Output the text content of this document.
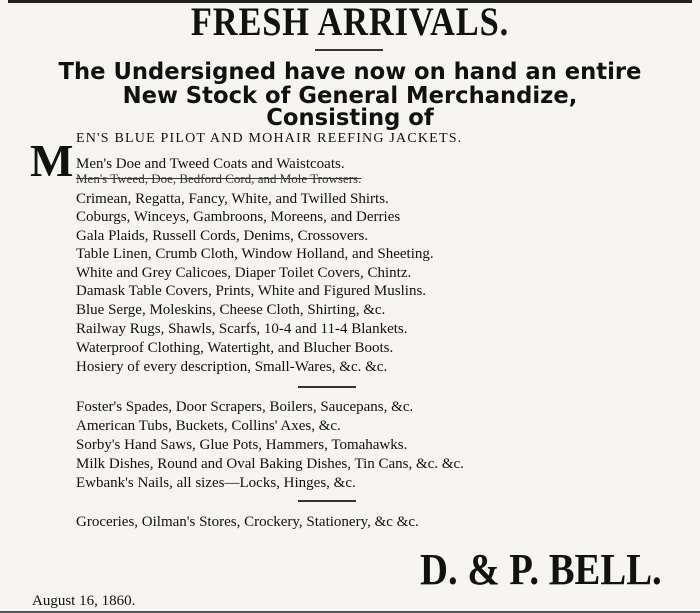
FRESH ARRIVALS.
The Undersigned have now on hand an entire
New Stock of General Merchandize,
Consisting of
M EN'S BLUE PILOT AND MOHAIR REEFING JACKETS.
Men's Doe and Tweed Coats and Waistcoats.
Men's Tweed, Doe, Bedford Cord, and Mole Trowsers.
Crimean, Regatta, Fancy, White, and Twilled Shirts.
Coburgs, Winceys, Gambroons, Moreens, and Derries
Gala Plaids, Russell Cords, Denims, Crossovers.
Table Linen, Crumb Cloth, Window Holland, and Sheeting.
White and Grey Calicoes, Diaper Toilet Covers, Chintz.
Damask Table Covers, Prints, White and Figured Muslins.
Blue Serge, Moleskins, Cheese Cloth, Shirting, &c.
Railway Rugs, Shawls, Scarfs, 10-4 and 11-4 Blankets.
Waterproof Clothing, Watertight, and Blucher Boots.
Hosiery of every description, Small-Wares, &c. &c.
Foster's Spades, Door Scrapers, Boilers, Saucepans, &c.
American Tubs, Buckets, Collins' Axes, &c.
Sorby's Hand Saws, Glue Pots, Hammers, Tomahawks.
Milk Dishes, Round and Oval Baking Dishes, Tin Cans, &c. &c.
Ewbank's Nails, all sizes—Locks, Hinges, &c.
Groceries, Oilman's Stores, Crockery, Stationery, &c &c.
D. & P. BELL.
August 16, 1860.
